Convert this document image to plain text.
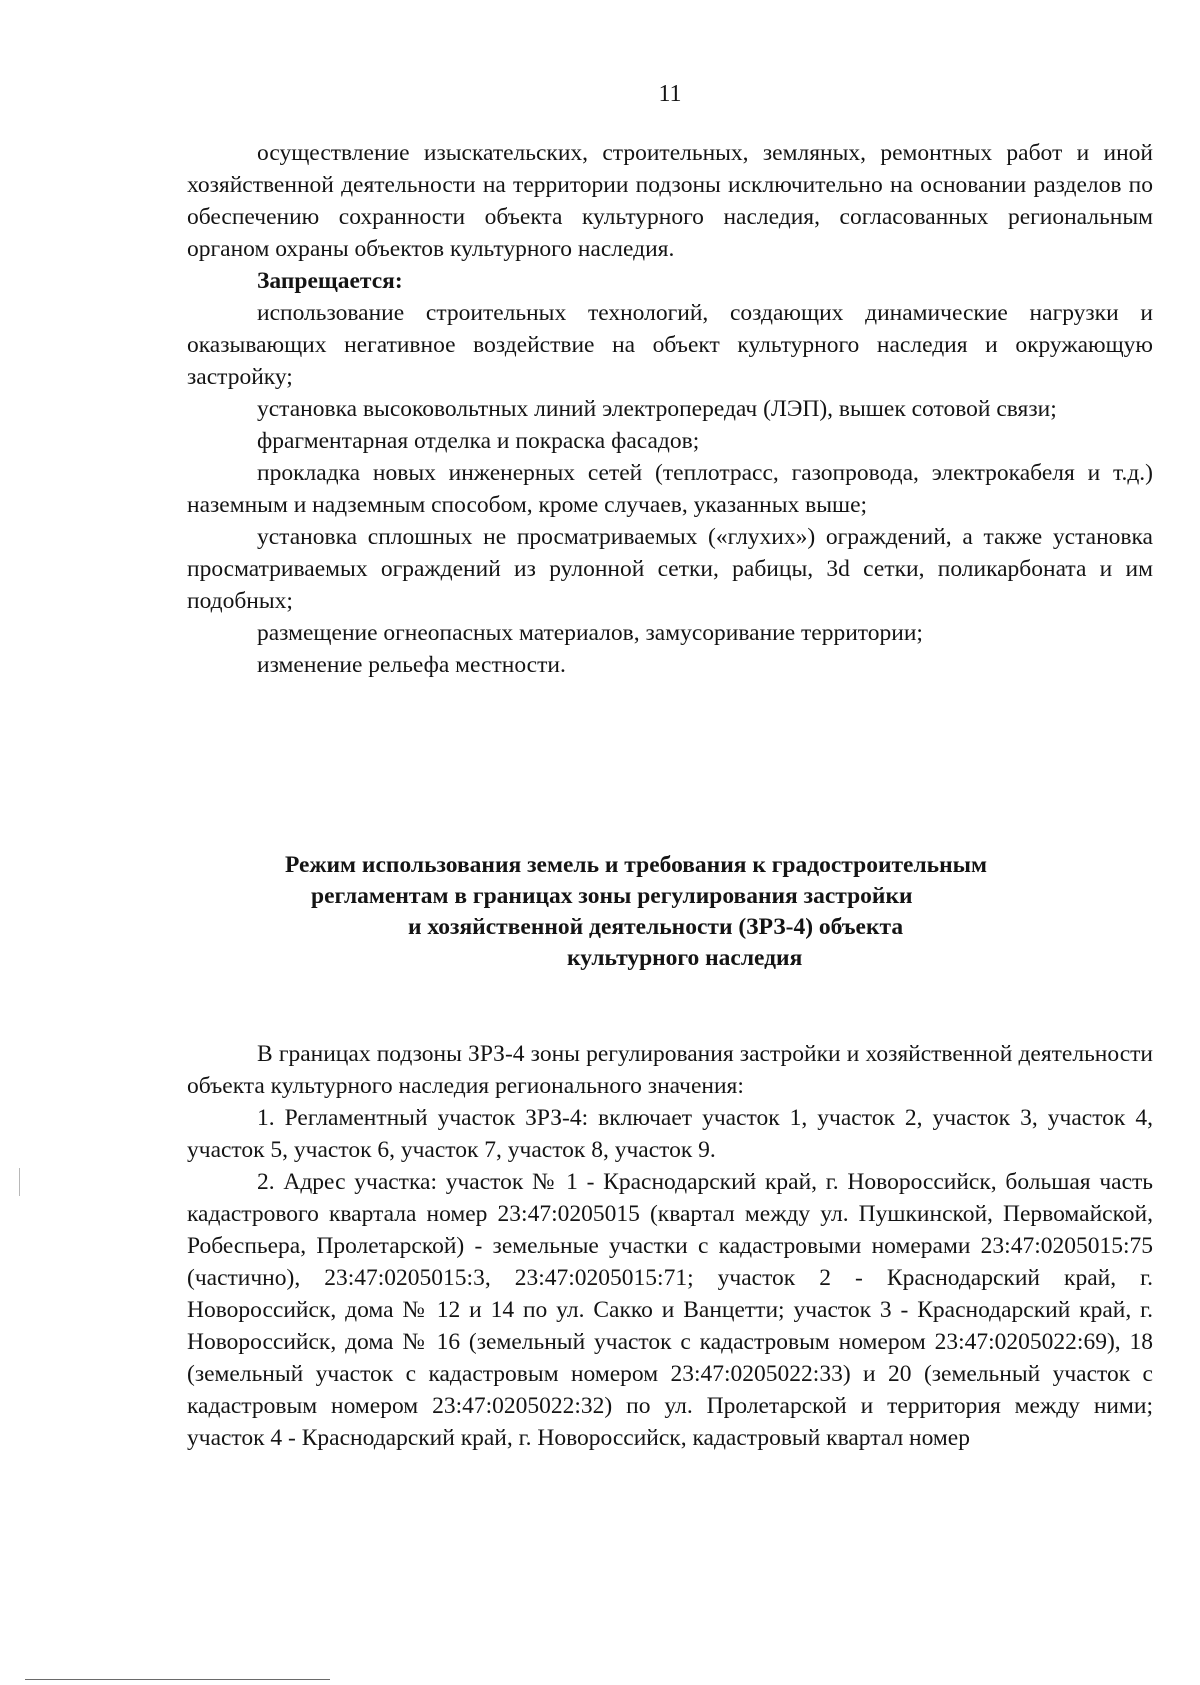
11

осуществление изыскательских, строительных, земляных, ремонтных работ и иной хозяйственной деятельности на территории подзоны исключительно на основании разделов по обеспечению сохранности объекта культурного наследия, согласованных региональным органом охраны объектов культурного наследия.

Запрещается:

использование строительных технологий, создающих динамические нагрузки и оказывающих негативное воздействие на объект культурного наследия и окружающую застройку;

установка высоковольтных линий электропередач (ЛЭП), вышек сотовой связи;

фрагментарная отделка и покраска фасадов;

прокладка новых инженерных сетей (теплотрасс, газопровода, электрокабеля и т.д.) наземным и надземным способом, кроме случаев, указанных выше;

установка сплошных не просматриваемых («глухих») ограждений, а также установка просматриваемых ограждений из рулонной сетки, рабицы, 3d сетки, поликарбоната и им подобных;

размещение огнеопасных материалов, замусоривание территории;

изменение рельефа местности.

Режим использования земель и требования к градостроительным
регламентам в границах зоны регулирования застройки
и хозяйственной деятельности (ЗРЗ-4) объекта
культурного наследия

В границах подзоны ЗРЗ-4 зоны регулирования застройки и хозяйственной деятельности объекта культурного наследия регионального значения:

1. Регламентный участок ЗРЗ-4: включает участок 1, участок 2, участок 3, участок 4, участок 5, участок 6, участок 7, участок 8, участок 9.

2. Адрес участка: участок № 1 - Краснодарский край, г. Новороссийск, большая часть кадастрового квартала номер 23:47:0205015 (квартал между ул. Пушкинской, Первомайской, Робеспьера, Пролетарской) - земельные участки с кадастровыми номерами 23:47:0205015:75 (частично), 23:47:0205015:3, 23:47:0205015:71; участок 2 - Краснодарский край, г. Новороссийск, дома № 12 и 14 по ул. Сакко и Ванцетти; участок 3 - Краснодарский край, г. Новороссийск, дома № 16 (земельный участок с кадастровым номером 23:47:0205022:69), 18 (земельный участок с кадастровым номером 23:47:0205022:33) и 20 (земельный участок с кадастровым номером 23:47:0205022:32) по ул. Пролетарской и территория между ними; участок 4 - Краснодарский край, г. Новороссийск, кадастровый квартал номер
